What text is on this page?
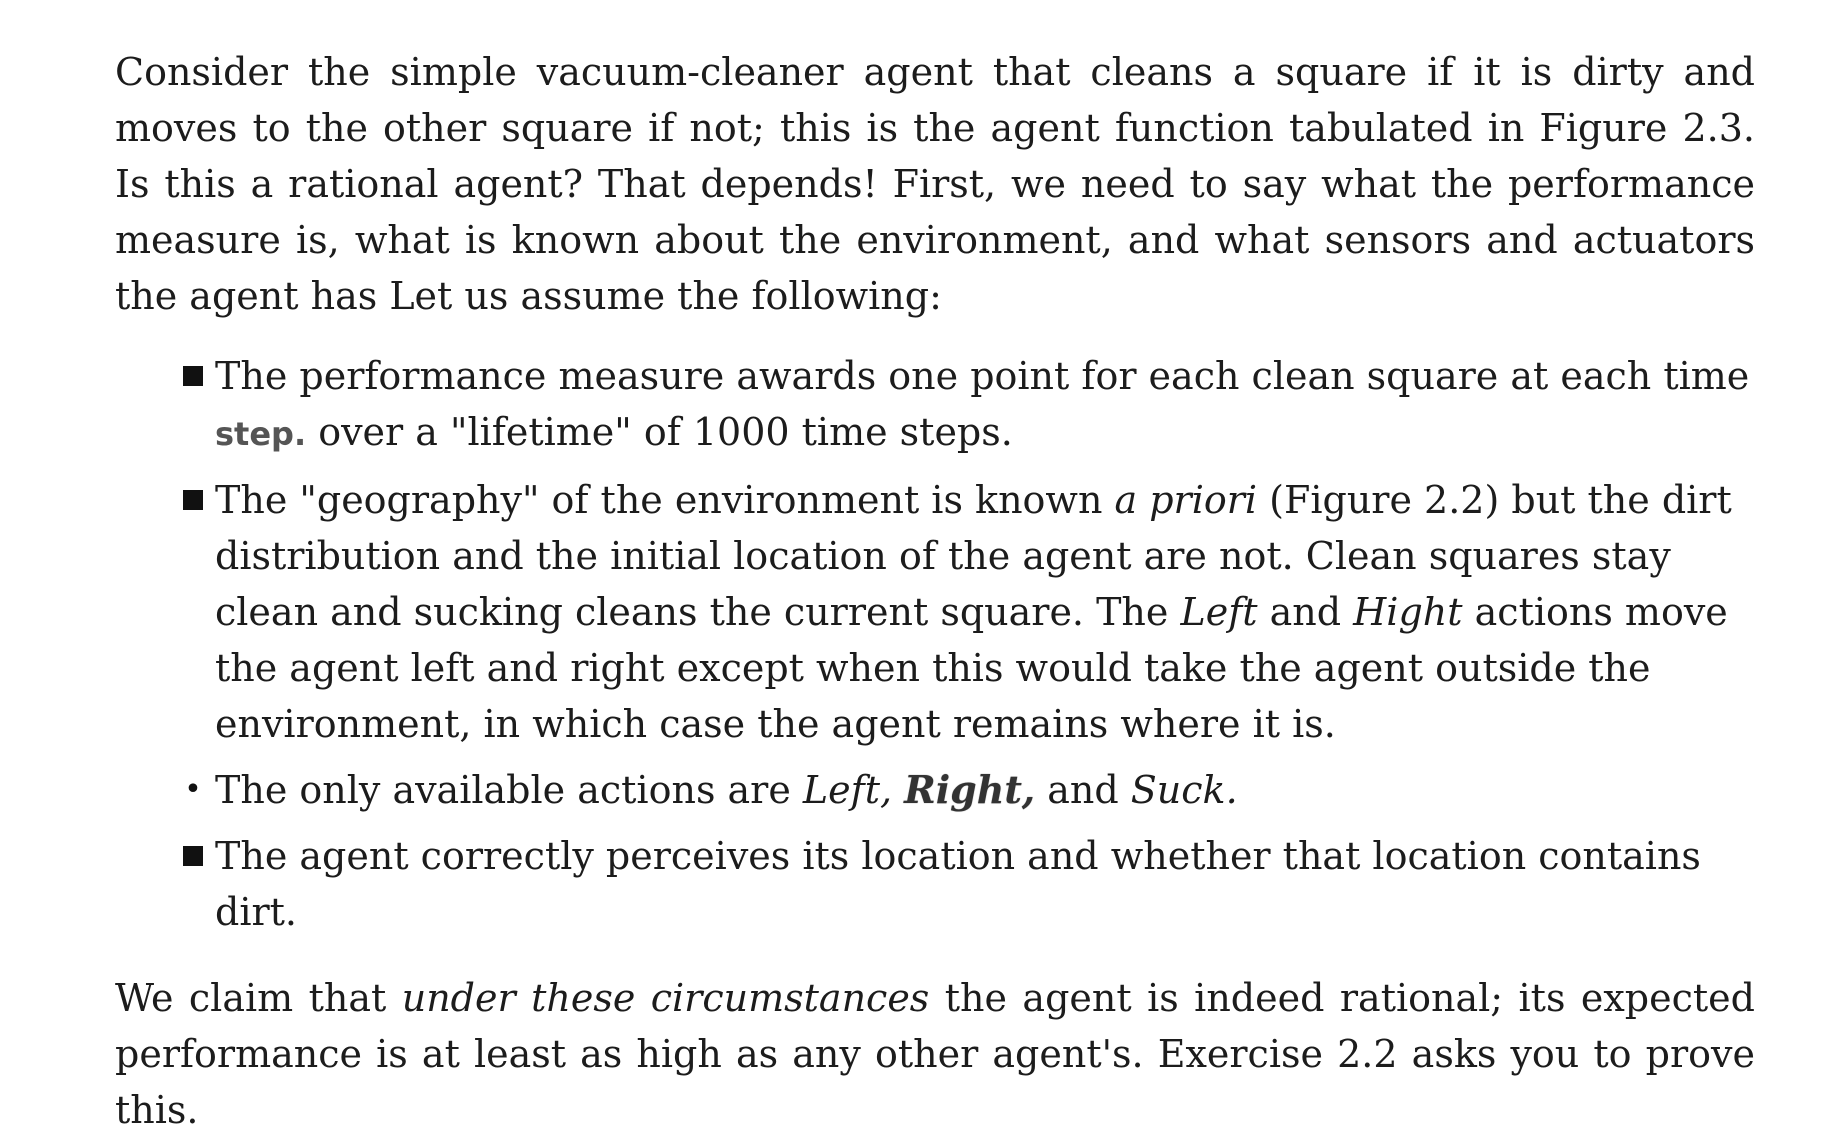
Consider the simple vacuum-cleaner agent that cleans a square if it is dirty and moves to the other square if not; this is the agent function tabulated in Figure 2.3. Is this a rational agent? That depends! First, we need to say what the performance measure is, what is known about the environment, and what sensors and actuators the agent has Let us assume the following:

The performance measure awards one point for each clean square at each time step. over a "lifetime" of 1000 time steps.
The "geography" of the environment is known a priori (Figure 2.2) but the dirt distribution and the initial location of the agent are not. Clean squares stay clean and sucking cleans the current square. The Left and Hight actions move the agent left and right except when this would take the agent outside the environment, in which case the agent remains where it is.
• The only available actions are Left, Right, and Suck.
The agent correctly perceives its location and whether that location contains dirt.

We claim that under these circumstances the agent is indeed rational; its expected performance is at least as high as any other agent's. Exercise 2.2 asks you to prove this.
